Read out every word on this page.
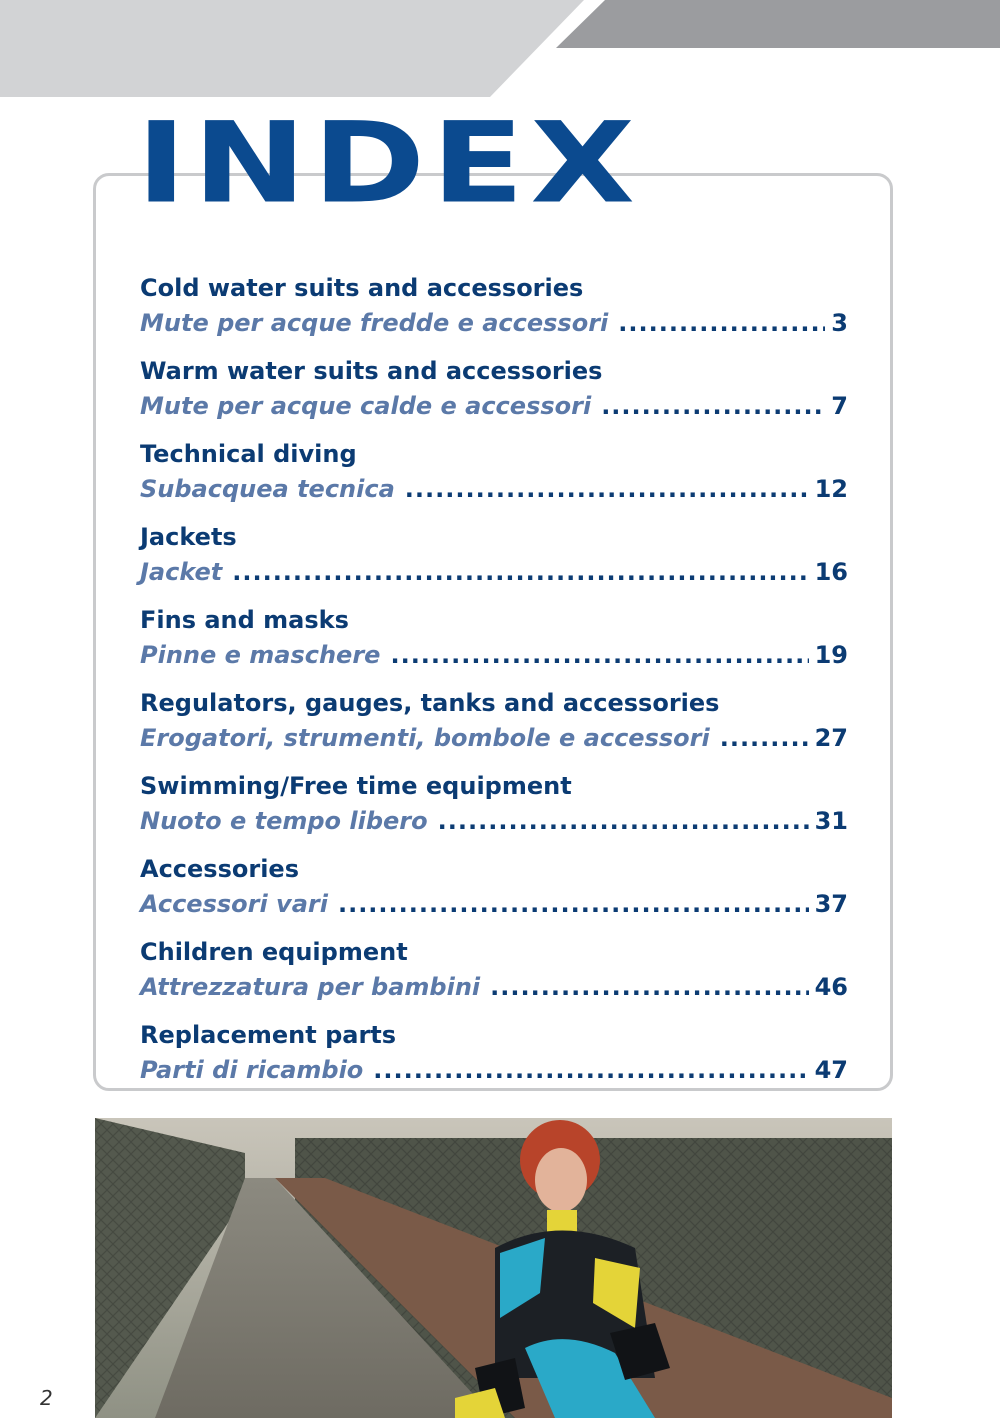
INDEX
Cold water suits and accessories
Mute per acque fredde e accessori .....	3
Warm water suits and accessories
Mute per acque calde e accessori .....	7
Technical diving
Subacquea tecnica .....	12
Jackets
Jacket .....	16
Fins and masks
Pinne e maschere .....	19
Regulators, gauges, tanks and accessories
Erogatori, strumenti, bombole e accessori .....	27
Swimming/Free time equipment
Nuoto e tempo libero .....	31
Accessories
Accessori vari .....	37
Children equipment
Attrezzatura per bambini .....	46
Replacement parts
Parti di ricambio .....	47
2
